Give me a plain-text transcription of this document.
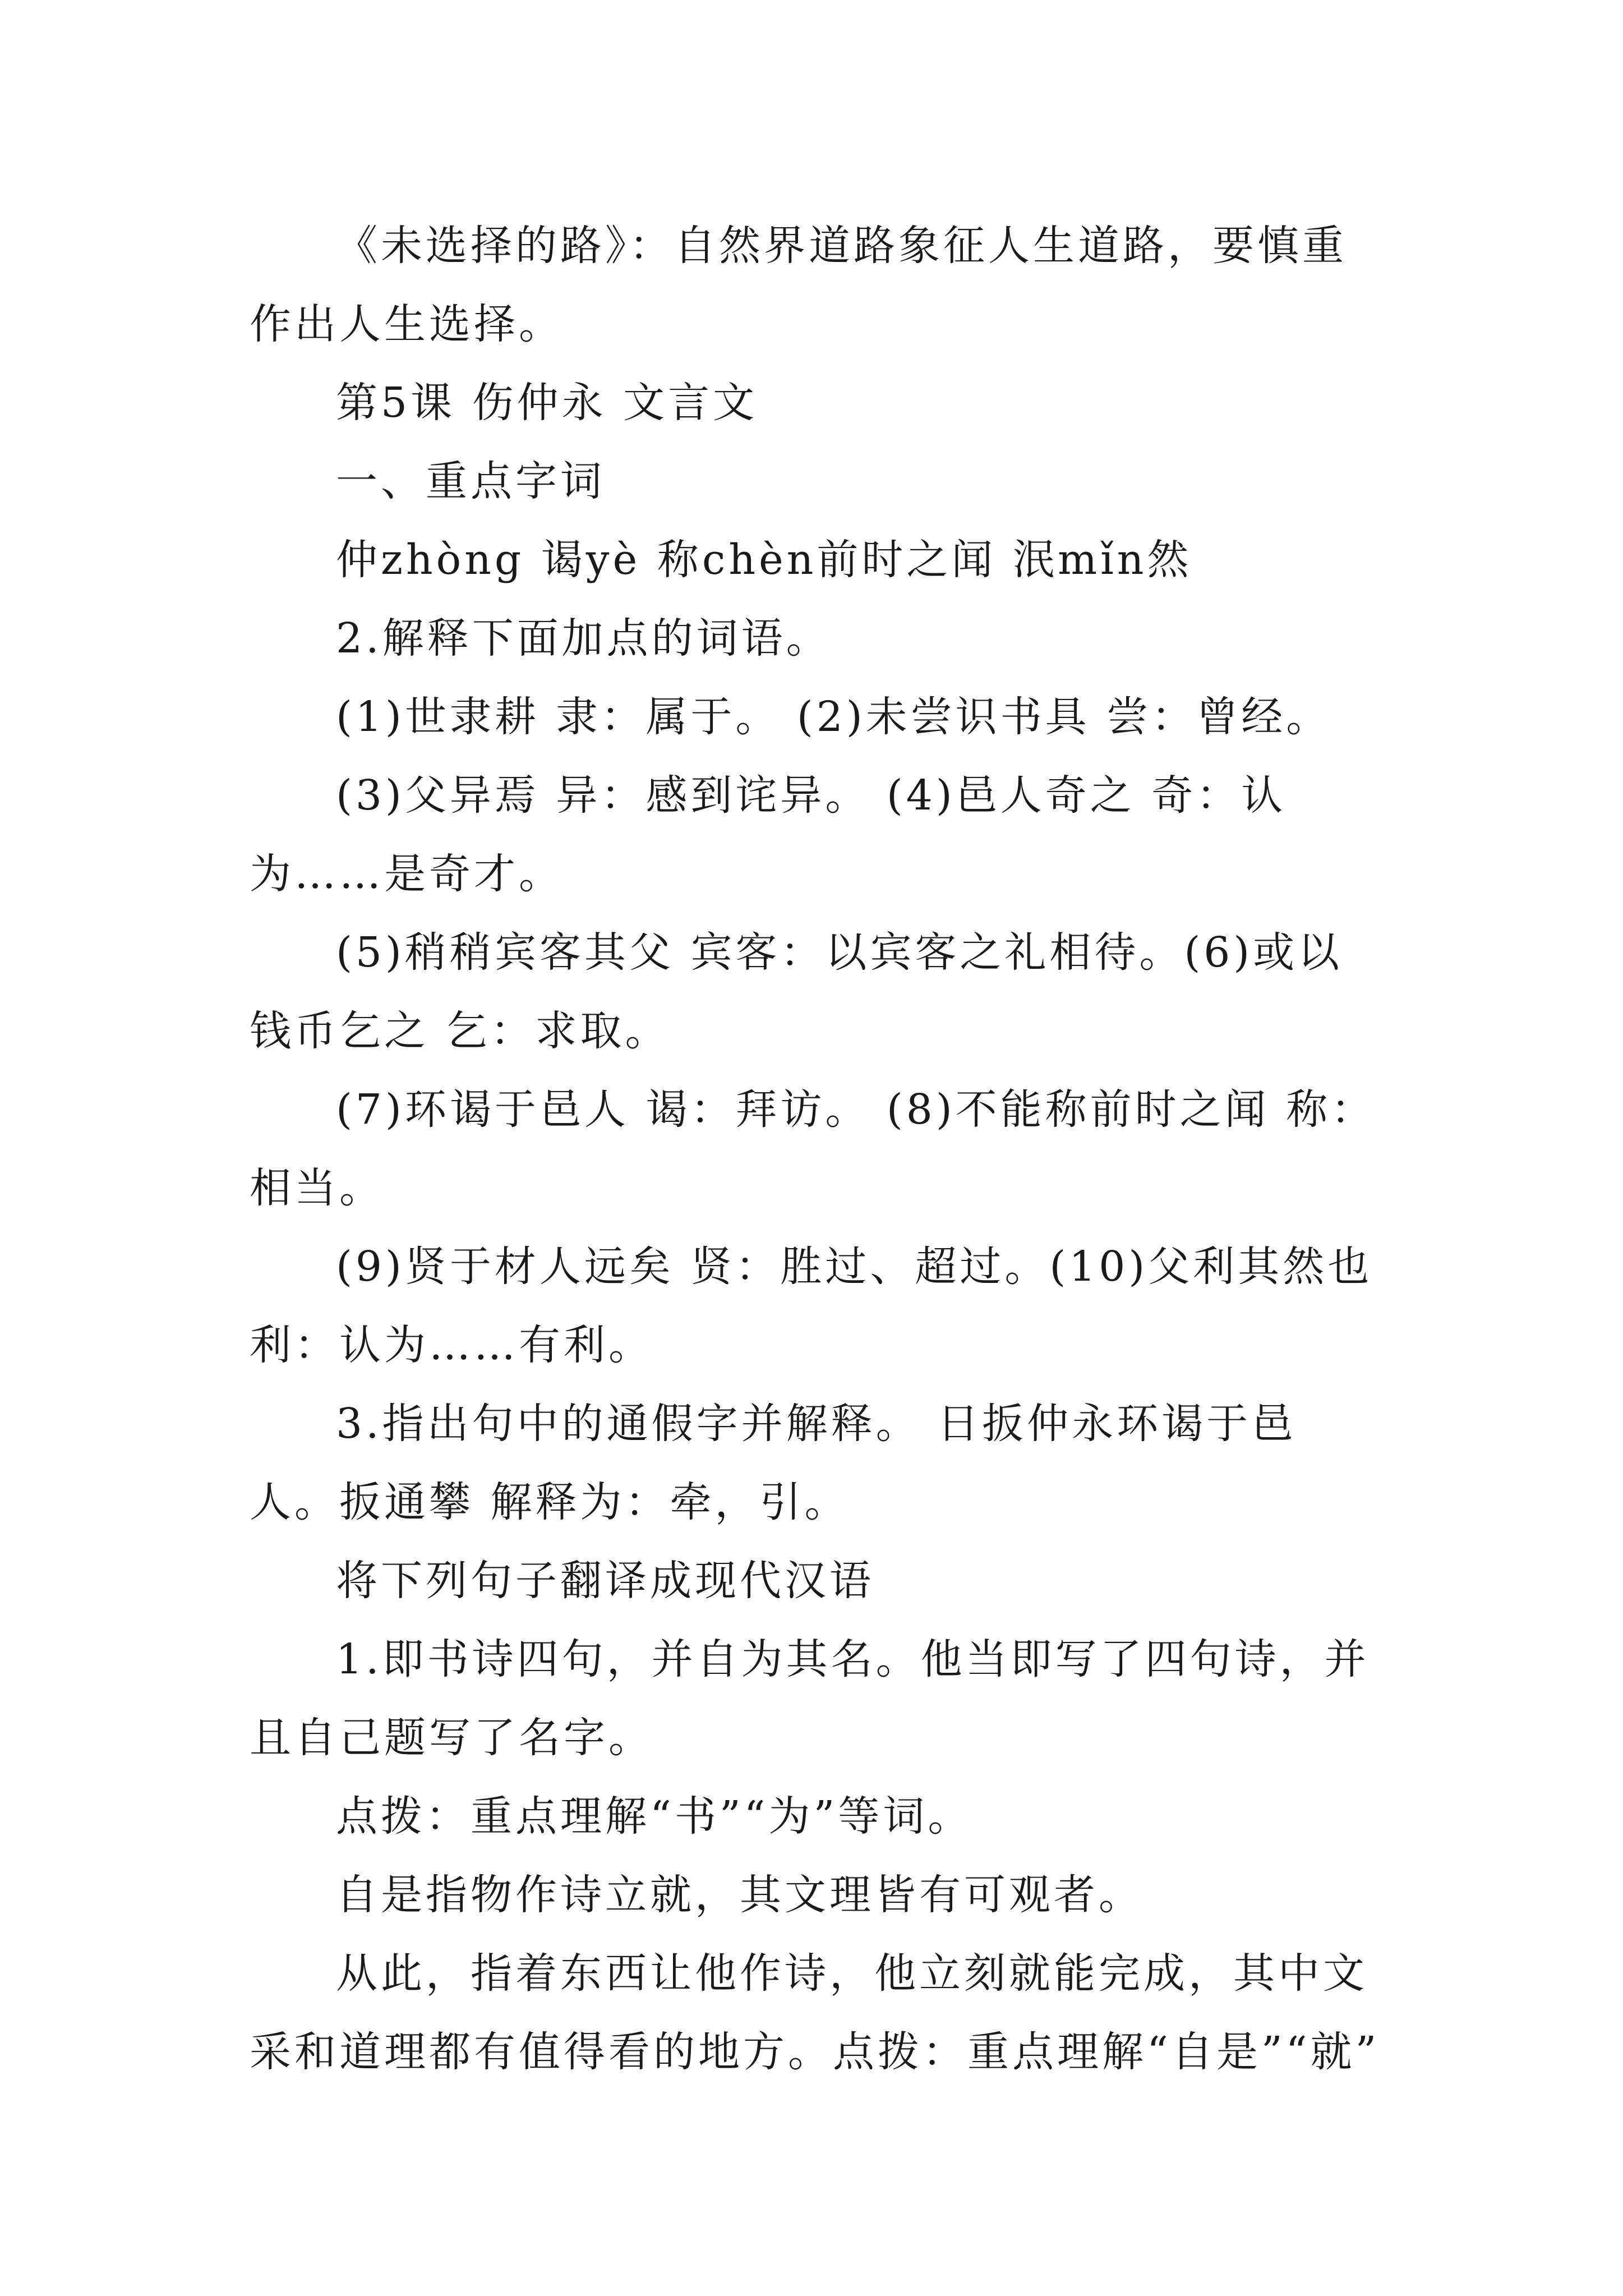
《未选择的路》：自然界道路象征人生道路，要慎重作出人生选择。

第5课 伤仲永 文言文

一、重点字词

仲zhòng 谒yè 称chèn前时之闻 泯mǐn然

2.解释下面加点的词语。

(1)世隶耕 隶：属于。 (2)未尝识书具 尝：曾经。

(3)父异焉 异：感到诧异。 (4)邑人奇之 奇：认为……是奇才。

(5)稍稍宾客其父 宾客：以宾客之礼相待。(6)或以钱币乞之 乞：求取。

(7)环谒于邑人 谒：拜访。 (8)不能称前时之闻 称：相当。

(9)贤于材人远矣 贤：胜过、超过。(10)父利其然也 利：认为……有利。

3.指出句中的通假字并解释。 日扳仲永环谒于邑人。扳通攀 解释为：牵，引。

将下列句子翻译成现代汉语

1.即书诗四句，并自为其名。他当即写了四句诗，并且自己题写了名字。

点拨：重点理解“书”“为”等词。

自是指物作诗立就，其文理皆有可观者。

从此，指着东西让他作诗，他立刻就能完成，其中文采和道理都有值得看的地方。点拨：重点理解“自是”“就”
